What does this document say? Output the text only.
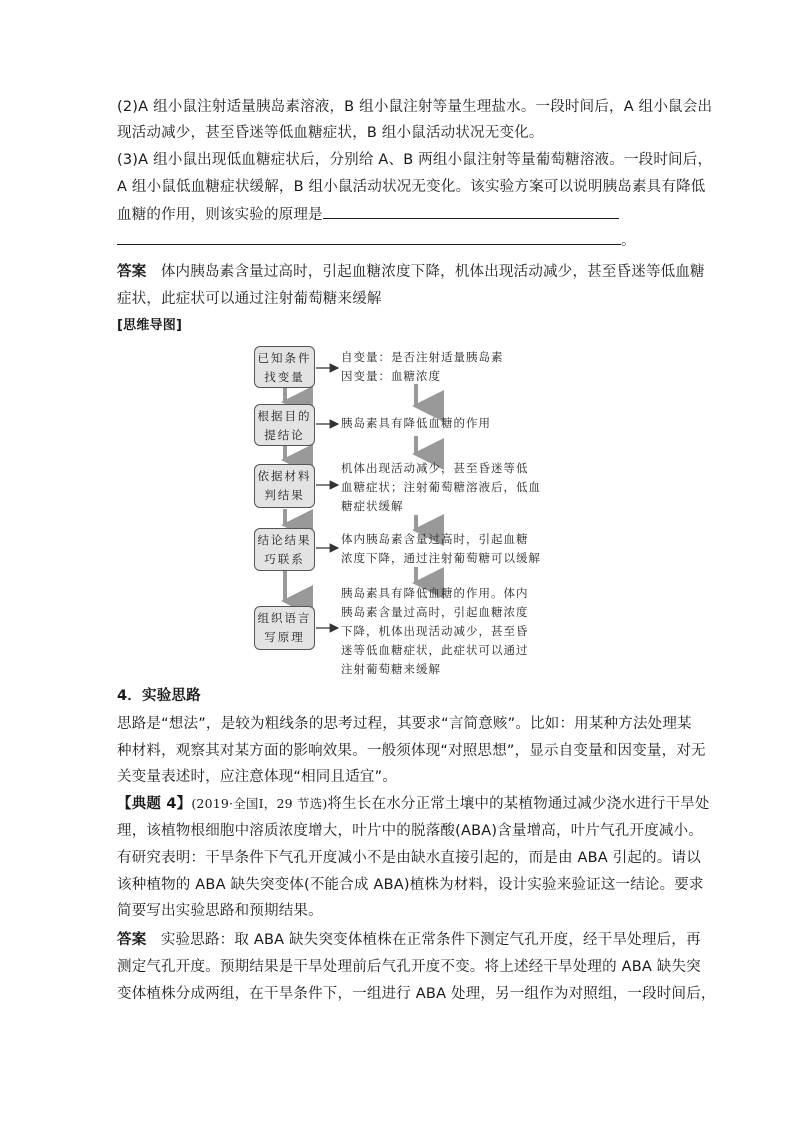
(2)A 组小鼠注射适量胰岛素溶液，B 组小鼠注射等量生理盐水。一段时间后，A 组小鼠会出
现活动减少，甚至昏迷等低血糖症状，B 组小鼠活动状况无变化。
(3)A 组小鼠出现低血糖症状后，分别给 A、B 两组小鼠注射等量葡萄糖溶液。一段时间后，
A 组小鼠低血糖症状缓解，B 组小鼠活动状况无变化。该实验方案可以说明胰岛素具有降低
血糖的作用，则该实验的原理是
。
答案 体内胰岛素含量过高时，引起血糖浓度下降，机体出现活动减少，甚至昏迷等低血糖
症状，此症状可以通过注射葡萄糖来缓解
[思维导图]
已知条件
找变量
根据目的
提结论
依据材料
判结果
结论结果
巧联系
组织语言
写原理
自变量：是否注射适量胰岛素
因变量：血糖浓度
胰岛素具有降低血糖的作用
机体出现活动减少，甚至昏迷等低
血糖症状；注射葡萄糖溶液后，低血
糖症状缓解
体内胰岛素含量过高时，引起血糖
浓度下降，通过注射葡萄糖可以缓解
胰岛素具有降低血糖的作用。体内
胰岛素含量过高时，引起血糖浓度
下降，机体出现活动减少，甚至昏
迷等低血糖症状，此症状可以通过
注射葡萄糖来缓解
4．实验思路
思路是“想法”，是较为粗线条的思考过程，其要求“言简意赅”。比如：用某种方法处理某
种材料，观察其对某方面的影响效果。一般须体现“对照思想”，显示自变量和因变量，对无
关变量表述时，应注意体现“相同且适宜”。
【典题 4】(2019·全国Ⅰ，29 节选)将生长在水分正常土壤中的某植物通过减少浇水进行干旱处
理，该植物根细胞中溶质浓度增大，叶片中的脱落酸(ABA)含量增高，叶片气孔开度减小。
有研究表明：干旱条件下气孔开度减小不是由缺水直接引起的，而是由 ABA 引起的。请以
该种植物的 ABA 缺失突变体(不能合成 ABA)植株为材料，设计实验来验证这一结论。要求
简要写出实验思路和预期结果。
答案 实验思路：取 ABA 缺失突变体植株在正常条件下测定气孔开度，经干旱处理后，再
测定气孔开度。预期结果是干旱处理前后气孔开度不变。将上述经干旱处理的 ABA 缺失突
变体植株分成两组，在干旱条件下，一组进行 ABA 处理，另一组作为对照组，一段时间后，
